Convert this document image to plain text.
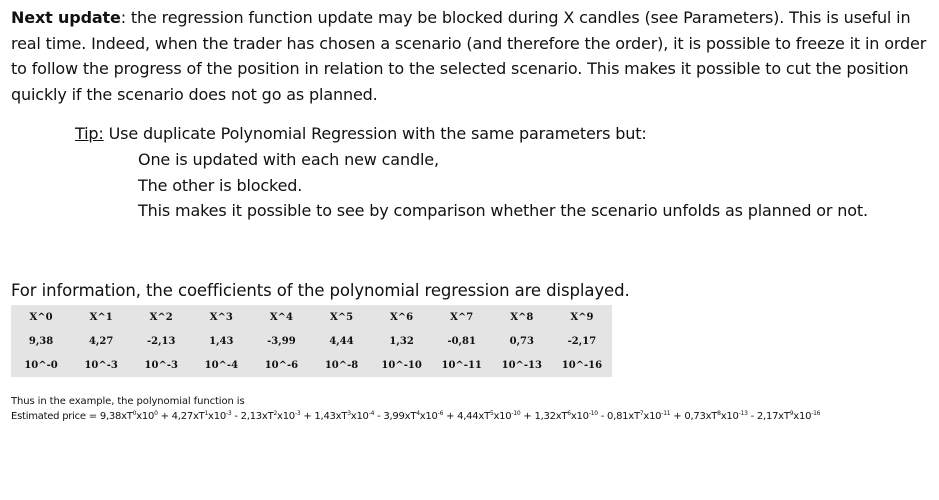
Next update: the regression function update may be blocked during X candles (see Parameters). This is useful in real time. Indeed, when the trader has chosen a scenario (and therefore the order), it is possible to freeze it in order to follow the progress of the position in relation to the selected scenario. This makes it possible to cut the position quickly if the scenario does not go as planned.
Tip: Use duplicate Polynomial Regression with the same parameters but:
One is updated with each new candle,
The other is blocked.
This makes it possible to see by comparison whether the scenario unfolds as planned or not.
For information, the coefficients of the polynomial regression are displayed.
X^0	X^1	X^2	X^3	X^4	X^5	X^6	X^7	X^8	X^9
9,38	4,27	-2,13	1,43	-3,99	4,44	1,32	-0,81	0,73	-2,17
10^-0	10^-3	10^-3	10^-4	10^-6	10^-8	10^-10	10^-11	10^-13	10^-16
Thus in the example, the polynomial function is
Estimated price = $9,38xT^0x10^0 + 4,27xT^1x10^{-3} - 2,13xT^2x10^{-3} + 1,43xT^3x10^{-4} - 3,99xT^4x10^{-6} + 4,44xT^5x10^{-10} + 1,32xT^6x10^{-10} - 0,81xT^7x10^{-11} + 0,73xT^8x10^{-13} - 2,17xT^9x10^{-16}$
